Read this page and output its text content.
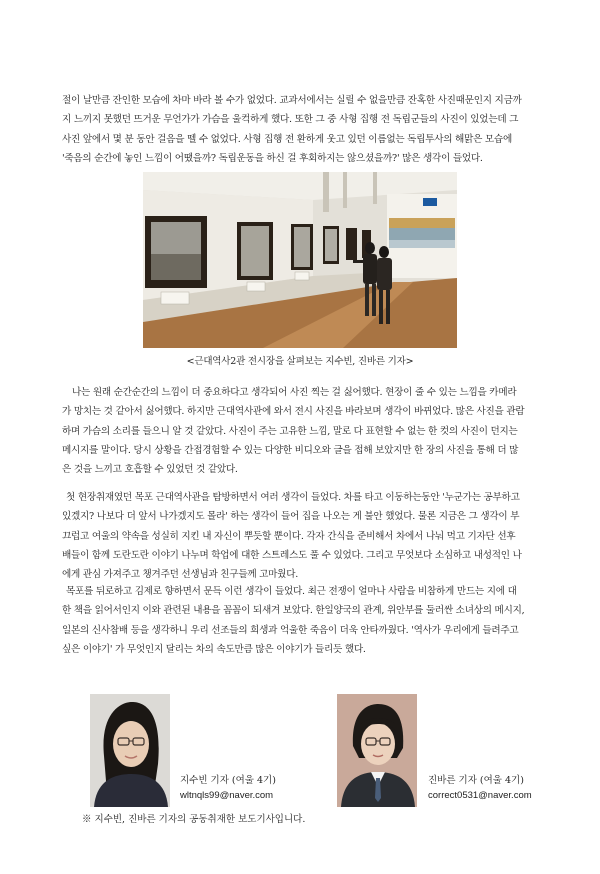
절이 날만큼 잔인한 모습에 차마 바라 볼 수가 없었다. 교과서에서는 실릴 수 없을만큼 잔혹한 사진때문인지 지금까
지 느끼지 못했던 뜨거운 무언가가 가슴을 울컥하게 했다. 또한 그 중 사형 집행 전 독립군들의 사진이 있었는데 그
사진 앞에서 몇 분 동안 걸음을 뗄 수 없었다. 사형 집행 전 환하게 웃고 있던 이름없는 독립투사의 해맑은 모습에
'죽음의 순간에 놓인 느낌이 어땠을까? 독립운동을 하신 걸 후회하지는 않으셨을까?' 많은 생각이 들었다.

<근대역사2관 전시장을 살펴보는 지수빈, 진바른 기자>

나는 원래 순간순간의 느낌이 더 중요하다고 생각되어 사진 찍는 걸 싫어했다. 현장이 줄 수 있는 느낌을 카메라
가 망치는 것 같아서 싫어했다. 하지만 근대역사관에 와서 전시 사진을 바라보며 생각이 바뀌었다. 많은 사진을 관람
하며 가슴의 소리를 들으니 알 것 같았다. 사진이 주는 고유한 느낌, 말로 다 표현할 수 없는 한 컷의 사진이 던지는
메시지를 말이다. 당시 상황을 간접경험할 수 있는 다양한 비디오와 글을 접해 보았지만 한 장의 사진을 통해 더 많
은 것을 느끼고 호흡할 수 있었던 것 같았다.

첫 현장취재였던 목포 근대역사관을 탐방하면서 여러 생각이 들었다. 차를 타고 이동하는동안 '누군가는 공부하고
있겠지? 나보다 더 앞서 나가겠지도 몰라' 하는 생각이 들어 집을 나오는 게 불안 했었다. 물론 지금은 그 생각이 부
끄럽고 여울의 약속을 성실히 지킨 내 자신이 뿌듯할 뿐이다. 각자 간식을 준비해서 차에서 나눠 먹고 기자단 선후
배들이 함께 도란도란 이야기 나누며 학업에 대한 스트레스도 풀 수 있었다. 그리고 무엇보다 소심하고 내성적인 나
에게 관심 가져주고 챙겨주던 선생님과 친구들께 고마웠다.

목포를 뒤로하고 김제로 향하면서 문득 이런 생각이 들었다. 최근 전쟁이 얼마나 사람을 비참하게 만드는 지에 대
한 책을 읽어서인지 이와 관련된 내용을 꼼꼼이 되새겨 보았다. 한일양국의 관계, 위안부를 둘러싼 소녀상의 메시지,
일본의 신사참배 등을 생각하니 우리 선조들의 희생과 억울한 죽음이 더욱 안타까웠다. '역사가 우리에게 들려주고
싶은 이야기' 가 무엇인지 달리는 차의 속도만큼 많은 이야기가 들리듯 했다.

지수빈 기자 (여울 4기)
wltnqls99@naver.com
진바른 기자 (여울 4기)
correct0531@naver.com
※ 지수빈, 진바른 기자의 공동취재한 보도기사입니다.
